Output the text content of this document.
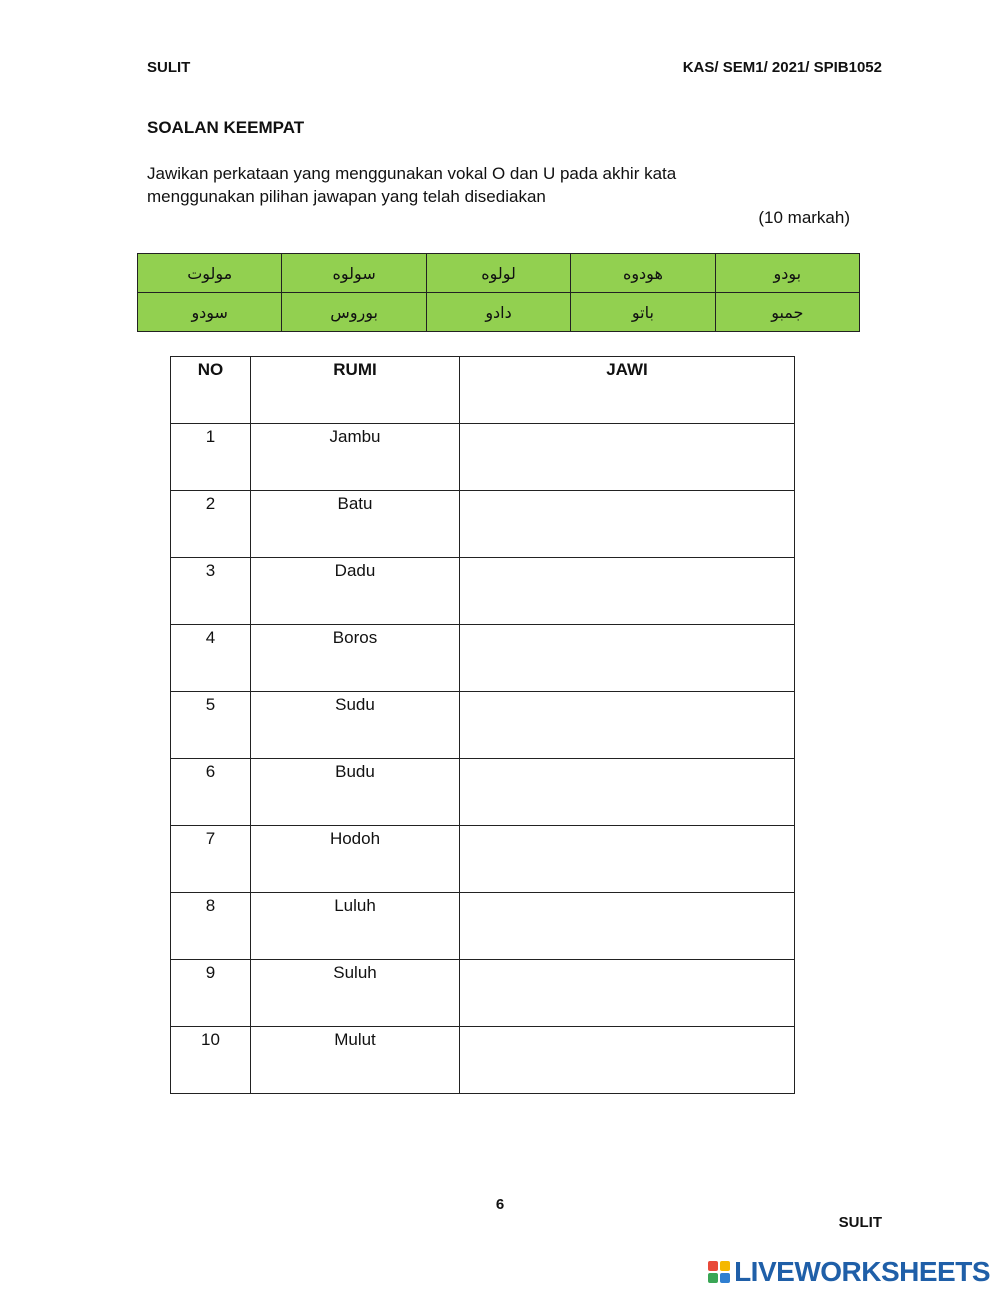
SULIT	KAS/ SEM1/ 2021/ SPIB1052
SOALAN KEEMPAT
Jawikan perkataan yang menggunakan vokal O dan U pada akhir kata
menggunakan pilihan jawapan yang telah disediakan
(10 markah)
مولوت	سولوه	لولوه	هودوه	بودو
سودو	بوروس	دادو	باتو	جمبو
NO	RUMI	JAWI
1	Jambu	
2	Batu	
3	Dadu	
4	Boros	
5	Sudu	
6	Budu	
7	Hodoh	
8	Luluh	
9	Suluh	
10	Mulut	
6
SULIT
LIVEWORKSHEETS
